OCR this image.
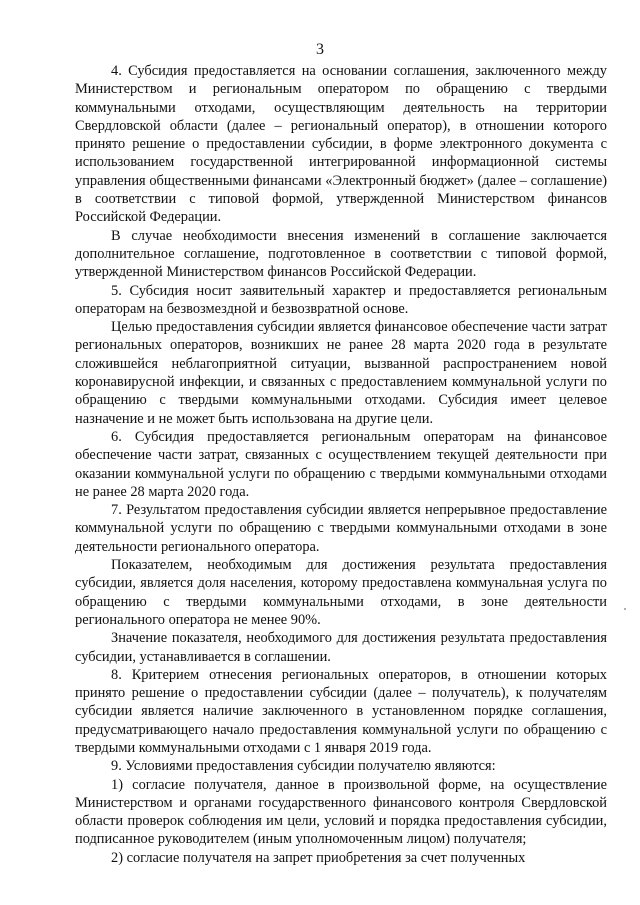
3

4. Субсидия предоставляется на основании соглашения, заключенного между Министерством и региональным оператором по обращению с твердыми коммунальными отходами, осуществляющим деятельность на территории Свердловской области (далее – региональный оператор), в отношении которого принято решение о предоставлении субсидии, в форме электронного документа с использованием государственной интегрированной информационной системы управления общественными финансами «Электронный бюджет» (далее – соглашение) в соответствии с типовой формой, утвержденной Министерством финансов Российской Федерации.

В случае необходимости внесения изменений в соглашение заключается дополнительное соглашение, подготовленное в соответствии с типовой формой, утвержденной Министерством финансов Российской Федерации.

5. Субсидия носит заявительный характер и предоставляется региональным операторам на безвозмездной и безвозвратной основе.

Целью предоставления субсидии является финансовое обеспечение части затрат региональных операторов, возникших не ранее 28 марта 2020 года в результате сложившейся неблагоприятной ситуации, вызванной распространением новой коронавирусной инфекции, и связанных с предоставлением коммунальной услуги по обращению с твердыми коммунальными отходами. Субсидия имеет целевое назначение и не может быть использована на другие цели.

6. Субсидия предоставляется региональным операторам на финансовое обеспечение части затрат, связанных с осуществлением текущей деятельности при оказании коммунальной услуги по обращению с твердыми коммунальными отходами не ранее 28 марта 2020 года.

7. Результатом предоставления субсидии является непрерывное предоставление коммунальной услуги по обращению с твердыми коммунальными отходами в зоне деятельности регионального оператора.

Показателем, необходимым для достижения результата предоставления субсидии, является доля населения, которому предоставлена коммунальная услуга по обращению с твердыми коммунальными отходами, в зоне деятельности регионального оператора не менее 90%.

Значение показателя, необходимого для достижения результата предоставления субсидии, устанавливается в соглашении.

8. Критерием отнесения региональных операторов, в отношении которых принято решение о предоставлении субсидии (далее – получатель), к получателям субсидии является наличие заключенного в установленном порядке соглашения, предусматривающего начало предоставления коммунальной услуги по обращению с твердыми коммунальными отходами с 1 января 2019 года.

9. Условиями предоставления субсидии получателю являются:

1) согласие получателя, данное в произвольной форме, на осуществление Министерством и органами государственного финансового контроля Свердловской области проверок соблюдения им цели, условий и порядка предоставления субсидии, подписанное руководителем (иным уполномоченным лицом) получателя;

2) согласие получателя на запрет приобретения за счет полученных
